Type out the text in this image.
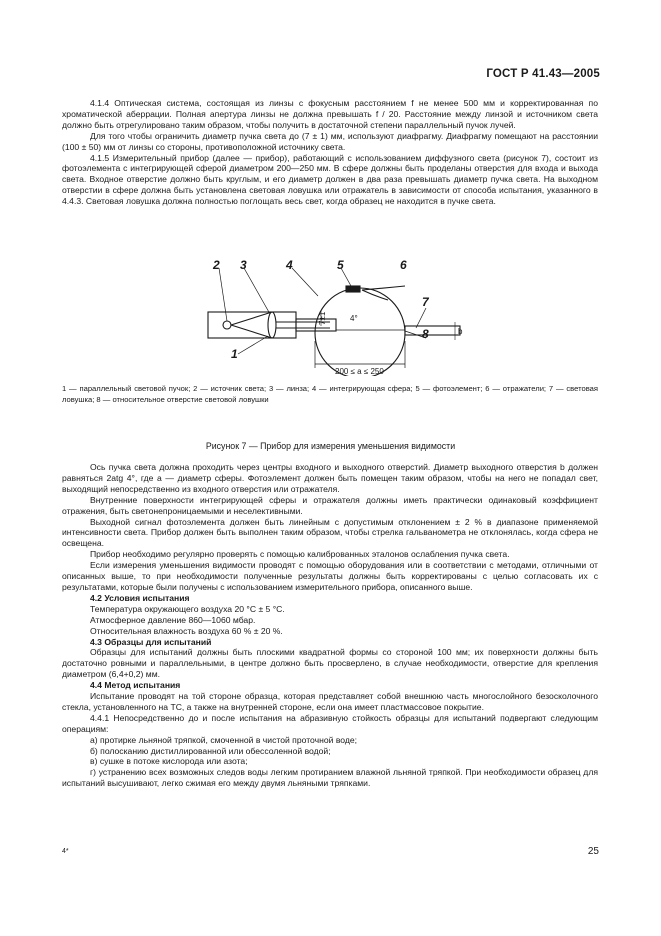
ГОСТ Р 41.43—2005

4.1.4 Оптическая система, состоящая из линзы с фокусным расстоянием f не менее 500 мм и корректированная по хроматической аберрации. Полная апертура линзы не должна превышать f / 20. Расстояние между линзой и источником света должно быть отрегулировано таким образом, чтобы получить в достаточной степени параллельный пучок лучей.

Для того чтобы ограничить диаметр пучка света до (7 ± 1) мм, используют диафрагму. Диафрагму помещают на расстоянии (100 ± 50) мм от линзы со стороны, противоположной источнику света.

4.1.5 Измерительный прибор (далее — прибор), работающий с использованием диффузного света (рисунок 7), состоит из фотоэлемента с интегрирующей сферой диаметром 200—250 мм. В сфере должны быть проделаны отверстия для входа и выхода света. Входное отверстие должно быть круглым, и его диаметр должен в два раза превышать диаметр пучка света. На выходном отверстии в сфере должна быть установлена световая ловушка или отражатель в зависимости от способа испытания, указанного в 4.4.3. Световая ловушка должна полностью поглощать весь свет, когда образец не находится в пучке света.

2 3	4	5	6
7
1
8
200 ≤ a ≤ 250
7±1	4°
b
1 — параллельный световой пучок; 2 — источник света; 3 — линза; 4 — интегрирующая сфера; 5 — фотоэлемент; 6 — отражатели; 7 — световая ловушка; 8 — относительное отверстие световой ловушки
Рисунок 7 — Прибор для измерения уменьшения видимости

Ось пучка света должна проходить через центры входного и выходного отверстий. Диаметр выходного отверстия b должен равняться 2atg 4°, где a — диаметр сферы. Фотоэлемент должен быть помещен таким образом, чтобы на него не попадал свет, выходящий непосредственно из входного отверстия или отражателя.

Внутренние поверхности интегрирующей сферы и отражателя должны иметь практически одинаковый коэффициент отражения, быть светонепроницаемыми и неселективными.

Выходной сигнал фотоэлемента должен быть линейным с допустимым отклонением ± 2 % в диапазоне применяемой интенсивности света. Прибор должен быть выполнен таким образом, чтобы стрелка гальванометра не отклонялась, когда сфера не освещена.

Прибор необходимо регулярно проверять с помощью калиброванных эталонов ослабления пучка света.

Если измерения уменьшения видимости проводят с помощью оборудования или в соответствии с методами, отличными от описанных выше, то при необходимости полученные результаты должны быть корректированы с целью согласовать их с результатами, которые были получены с использованием измерительного прибора, описанного выше.

4.2 Условия испытания

Температура окружающего воздуха 20 °С ± 5 °С.

Атмосферное давление 860—1060 мбар.

Относительная влажность воздуха 60 % ± 20 %.

4.3 Образцы для испытаний

Образцы для испытаний должны быть плоскими квадратной формы со стороной 100 мм; их поверхности должны быть достаточно ровными и параллельными, в центре должно быть просверлено, в случае необходимости, отверстие для крепления диаметром (6,4+0,2) мм.

4.4 Метод испытания

Испытание проводят на той стороне образца, которая представляет собой внешнюю часть многослойного безосколочного стекла, установленного на ТС, а также на внутренней стороне, если она имеет пластмассовое покрытие.

4.4.1 Непосредственно до и после испытания на абразивную стойкость образцы для испытаний подвергают следующим операциям:

а) протирке льняной тряпкой, смоченной в чистой проточной воде;

б) полосканию дистиллированной или обессоленной водой;

в) сушке в потоке кислорода или азота;

г) устранению всех возможных следов воды легким протиранием влажной льняной тряпкой. При необходимости образец для испытаний высушивают, легко сжимая его между двумя льняными тряпками.

4*	25
